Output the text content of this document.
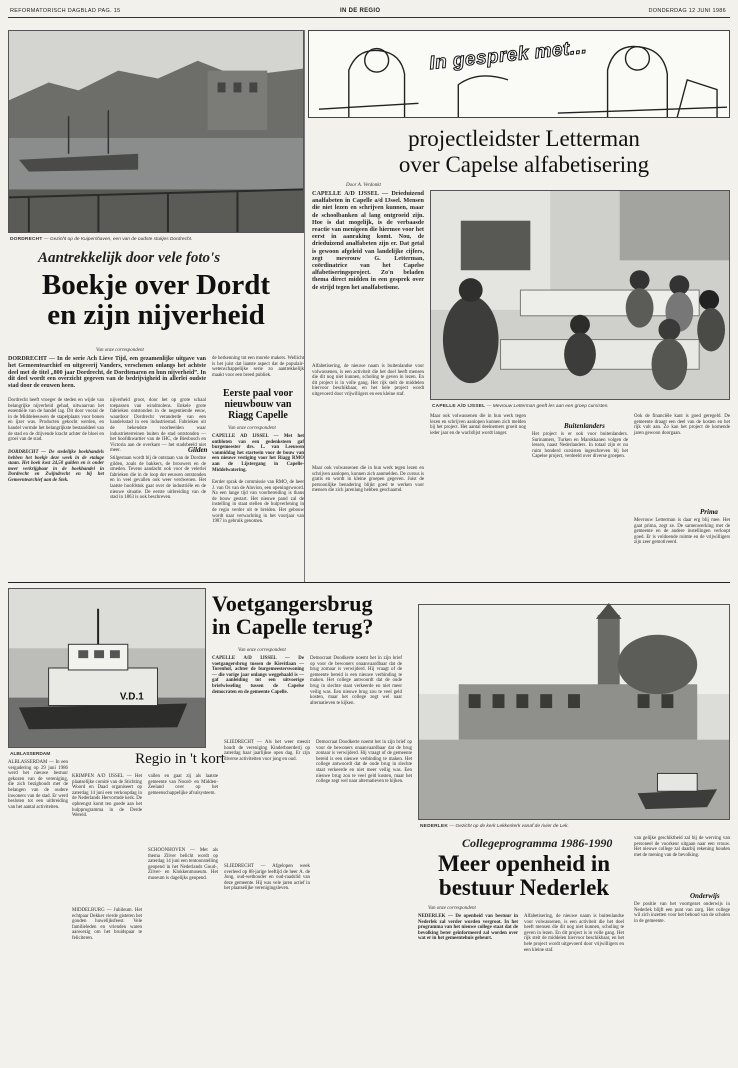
REFORMATORISCH DAGBLAD PAG. 15	IN DE REGIO	DONDERDAG 12 JUNI 1986
DORDRECHT — Gezicht op de Kuipershaven, een van de oudste stukjes Dordrecht.
Aantrekkelijk door vele foto's
Boekje over Dordt
en zijn nijverheid
Van onze correspondent
DORDRECHT — In de serie Ach Lieve Tijd, een gezamenlijke uitgave van het Gemeentearchief en uitgeverij Vanders, verschenen onlangs het achtste deel met de titel „800 jaar Dordrecht, de Dordtenaren en hun nijverheid”. In dit deel wordt een overzicht gegeven van de bedrijvigheid in allerlei oudste stad door de eeuwen heen.
Dordrecht heeft vroeger de steden en wijde van belangrijke nijverheid gehad, uitwaarvan het essentiële van de handel lag. Dit door vooral de in de Middeleeuwen de stapelplaats voor bonen en ijzer was. Producten gekocht werden, en handel vormde het belangrijkste bestanddeel van de stad en de drijvende kracht achter de bloei en groei van de stad.
nijverheid groot, door het op grote schaal toepassen van windmolens. Enkele grote fabrieken ontstonden in de negentiende eeuw, waardoor Dordrecht veranderde van een handelsstad in een industriestad. Fabrieken uit de bekendste voorbeelden waar industrieterreinen buiten de stad ontstonden — het hoofdkwartier van de IHC, de Biesbosch en Victoria aan de overkant — het stadsbeeld niet meer.
DORDRECHT — De stedelijke boekhandels hebben het boekje deze week in de etalage staan. Het boek kost 24,50 gulden en is onder meer verkrijgbaar in de boekhandel in Dordrecht en Zwijndrecht en bij het Gemeentearchief aan de Stek.
Gilden
Stilgestaan wordt bij de ontstaan van de Dordtse gilden, zoals de bakkers, de brouwers en de smeden. Tevens aandacht ook voor de velerlei fabrieken die in de loop der eeuwen ontstonden en in veel gevallen ook weer verdwenen. Het laatste hoofdstuk gaat over de industriële en de nieuwe situatie. De eerste uitbreiding van de stad in 1863 is ook beschreven.
de herkenning tot een morele makers. Wellicht is het juist dat laatste aspect dat de populair-wetenschappelijke serie zo aantrekkelijk maakt voor een breed publiek.
Eerste paal voor nieuwbouw van Riagg Capelle
Van onze correspondent
CAPELLE AD IJSSEL — Met het ontbloten van een gedenksteen gaf burgemeester drs. L. van Leeuwen vanmiddag het startsein voor de bouw van een nieuwe vestiging voor het Riagg RMO aan de Lijstergang in Capelle-Middelwatering.
Eerder sprak de commissie van RMO, de heer J. van Os van de Aluvion, een openingswoord. Na een lange tijd van voorbereiding is thans de bouw gestart. Het nieuwe pand zal de instelling in staat stellen de hulpverlening in de regio verder uit te breiden. Het gebouw wordt naar verwachting in het voorjaar van 1987 in gebruik genomen.
In gesprek met...
projectleidster Letterman
over Capelse alfabetisering
Door A. Verdonkt
CAPELLE A/D IJSSEL — Drieduizend analfabeten in Capelle a/d IJssel. Mensen die niet lezen en schrijven kunnen, maar de schoolbanken al lang ontgroeid zijn. Hoe is dat mogelijk, is de verbaasde reactie van menigeen die hiermee voor het eerst in aanraking komt. Nou, de drieduizend analfabeten zijn er. Dat getal is gewoon afgeleid van landelijke cijfers, zegt mevrouw G. Letterman, coördinatrice van het Capelse alfabetiseringsproject. Zo'n beladen thema direct midden in een gesprek over de strijd tegen het analfabetisme.
Alfabetisering, de nieuwe naam is buitenlandse voor volwassenen, is een activiteit die het doel heeft mensen die dit nog niet kunnen, scholing te geven in lezen. En dit project is in volle gang. Het rijk stelt de middelen hiervoor beschikbaar, en het hele project wordt uitgevoerd door vrijwilligers en een kleine staf.
Maar ook volwassenen die in hun werk tegen lezen en schrijven aanlopen, kunnen zich aanmelden. De cursus is gratis en wordt in kleine groepen gegeven. Juist de persoonlijke benadering blijkt goed te werken voor mensen die zich jarenlang hebben geschaamd.
CAPELLE A/D IJSSEL — Mevrouw Letterman geeft les aan een groep cursisten.
Maar ook volwassenen die in hun werk tegen lezen en schrijven aanlopen kunnen zich melden bij het project. Het aantal deelnemers groeit nog ieder jaar en de wachtlijst wordt langer.
Buitenlanders
Het project is er ook voor buitenlanders. Surinamers, Turken en Marokkanen volgen de lessen, naast Nederlanders. In totaal zijn er nu ruim honderd cursisten ingeschreven bij het Capelse project, verdeeld over diverse groepen.
Ook de financiële kant is goed geregeld. De gemeente draagt een deel van de kosten en het rijk vult aan. Zo kan het project de komende jaren gewoon doorgaan.
Prima
Mevrouw Letterman is daar erg blij mee. Het gaat prima, zegt ze. De samenwerking met de gemeente en de andere instellingen verloopt goed. Er is voldoende ruimte en de vrijwilligers zijn zeer gemotiveerd.
V.D.1
ALBLASSERDAM
ALBLASSERDAM — In een vergadering op 29 juni 1986 werd het nieuwe bestuur gekozen van de vereniging, die zich bezighoudt met de belangen van de oudere inwoners van de stad. Er werd besloten tot een uitbreiding van het aantal activiteiten.
Voetgangersbrug
in Capelle terug?
Van onze correspondent
CAPELLE A/D IJSSEL — De voetgangersbrug tussen de Kievitlaan — Torenhof, achter de burgemeesterswoning — die vorige jaar onlangs weggehaald is — gaf aanleiding tot een uitvoerige briefwisseling tussen de Capelse democraten en de gemeente Capelle.
Democraat Doodkerte noemt het in zijn brief op voor de bewoners onaanvaardbaar dat de brug zomaar is verwijderd. Hij vraagt of de gemeente bereid is een nieuwe verbinding te maken. Het college antwoordt dat de oude brug in slechte staat verkeerde en niet meer veilig was. Een nieuwe brug zou te veel geld kosten, maar het college zegt wel naar alternatieven te kijken.
Regio in 't kort
KRIMPEN A/D IJSSEL — Het plaatselijke comité van de Stichting Woord en Daad organiseert op zaterdag 14 juni een verkoopdag in de Nederlands Hervormde kerk. De opbrengst komt ten goede aan het hulpprogramma in de Derde Wereld.
MIDDELBURG — Jubileum. Het echtpaar Dekker vierde gisteren het gouden huwelijksfeest. Vele familieleden en vrienden waren aanwezig om het bruidspaar te feliciteren.
vallen en gaat zij als laatste gemeente van Noord- en Midden-Zeeland over op het gemeenschappelijke afvalsysteem.
SCHOONHOVEN — Met als thema Zilver belicht wordt op zaterdag 14 juni een tentoonstelling geopend in het Nederlands Goud-, Zilver- en Klokkenmuseum. Het museum is dagelijks geopend.
SLIEDRECHT — Als het weer meezit houdt de vereniging Kinderboerderij op zaterdag haar jaarlijkse open dag. Er zijn diverse activiteiten voor jong en oud.
SLIEDRECHT — Afgelopen week overleed op 88-jarige leeftijd de heer A. de Jong, oud-wethouder en oud-raadslid van deze gemeente. Hij was vele jaren actief in het plaatselijke verenigingsleven.
Democraat Doodkerte noemt het in zijn brief op voor de bewoners onaanvaardbaar dat de brug zomaar is verwijderd. Hij vraagt of de gemeente bereid is een nieuwe verbinding te maken. Het college antwoordt dat de oude brug in slechte staat verkeerde en niet meer veilig was. Een nieuwe brug zou te veel geld kosten, maar het college zegt wel naar alternatieven te kijken.
NEDERLEK — Gezicht op de kerk Lekkerkerk vanaf de rivier de Lek.
Collegeprogramma 1986-1990
Meer openheid in
bestuur Nederlek
Van onze correspondent
NEDERLEK — De openheid van bestuur in Nederlek zal verder worden vergroot. In het programma van het nieuwe college staat dat de bevolking beter geïnformeerd zal worden over wat er in het gemeentehuis gebeurt.
Alfabetisering, de nieuwe naam is buitenlandse voor volwassenen, is een activiteit die het doel heeft mensen die dit nog niet kunnen, scholing te geven in lezen. En dit project is in volle gang. Het rijk stelt de middelen hiervoor beschikbaar, en het hele project wordt uitgevoerd door vrijwilligers en een kleine staf.
van gelijke geschiktheid zal bij de werving van personeel de voorkeur uitgaan naar een vrouw. Het nieuwe college zal daarbij rekening houden met de mening van de bevolking.
Onderwijs
De positie van het voortgezet onderwijs in Nederlek blijft een punt van zorg. Het college wil zich inzetten voor het behoud van de scholen in de gemeente.
